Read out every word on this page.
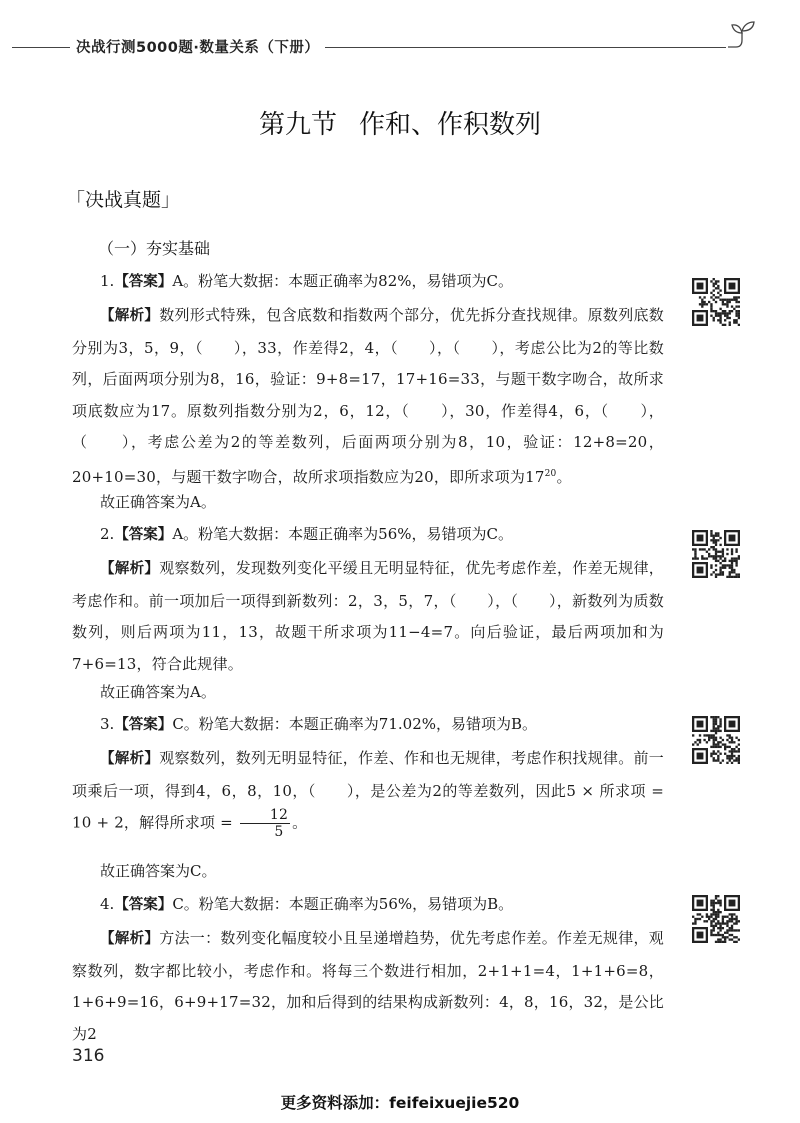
决战行测5000题·数量关系（下册）
第九节 作和、作积数列
「决战真题」
（一）夯实基础
1.【答案】A。粉笔大数据：本题正确率为82%，易错项为C。

【解析】数列形式特殊，包含底数和指数两个部分，优先拆分查找规律。原数列底数分别为3，5，9，（　　），33，作差得2，4，（　　），（　　），考虑公比为2的等比数列，后面两项分别为8，16，验证：9+8=17，17+16=33，与题干数字吻合，故所求项底数应为17。原数列指数分别为2，6，12，（　　），30，作差得4，6，（　　），（　　），考虑公差为2的等差数列，后面两项分别为8，10，验证：12+8=20，20+10=30，与题干数字吻合，故所求项指数应为20，即所求项为$17^{20}$。

故正确答案为A。
2.【答案】A。粉笔大数据：本题正确率为56%，易错项为C。

【解析】观察数列，发现数列变化平缓且无明显特征，优先考虑作差，作差无规律，考虑作和。前一项加后一项得到新数列：2，3，5，7，（　　），（　　），新数列为质数数列，则后两项为11，13，故题干所求项为11−4=7。向后验证，最后两项加和为7+6=13，符合此规律。

故正确答案为A。
3.【答案】C。粉笔大数据：本题正确率为71.02%，易错项为B。

【解析】观察数列，数列无明显特征，作差、作和也无规律，考虑作积找规律。前一项乘后一项，得到4，6，8，10，（　　），是公差为2的等差数列，因此5 × 所求项 = 10 + 2，解得所求项 = $\frac{12}{5}$ 。

故正确答案为C。
4.【答案】C。粉笔大数据：本题正确率为56%，易错项为B。

【解析】方法一：数列变化幅度较小且呈递增趋势，优先考虑作差。作差无规律，观察数列，数字都比较小，考虑作和。将每三个数进行相加，2+1+1=4，1+1+6=8，1+6+9=16，6+9+17=32，加和后得到的结果构成新数列：4，8，16，32，是公比为2

316
更多资料添加：feifeixuejie520
